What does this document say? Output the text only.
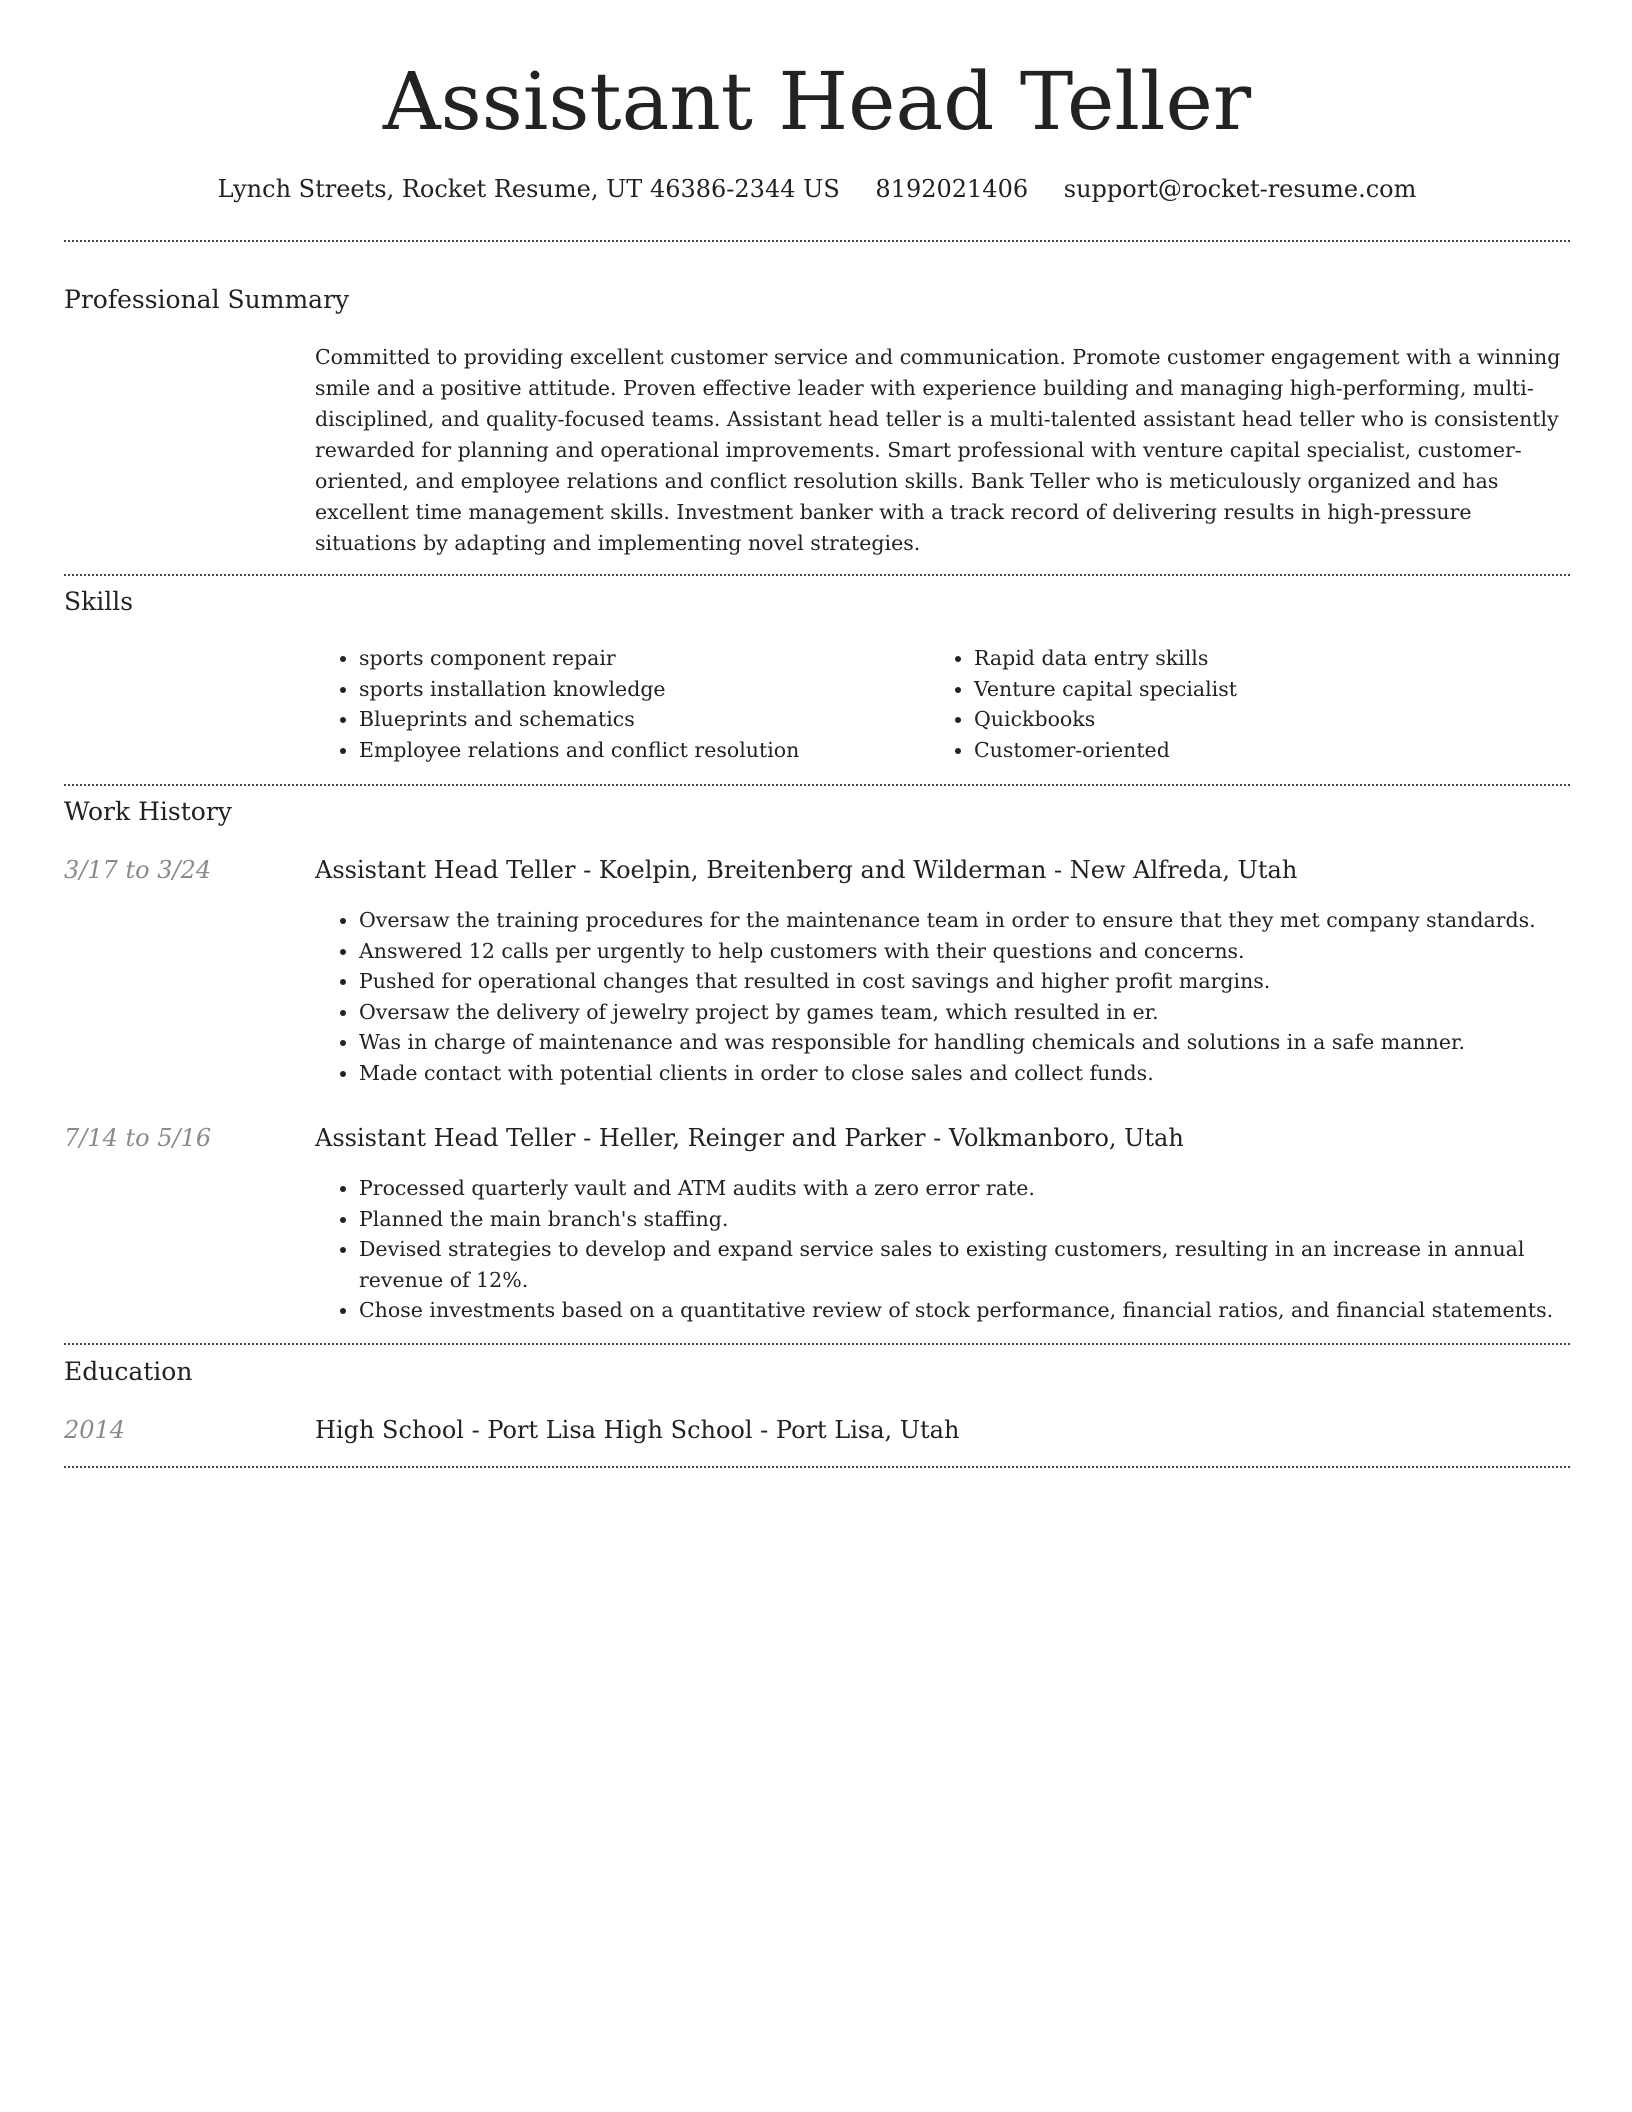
Assistant Head Teller
Lynch Streets, Rocket Resume, UT 46386-2344 US 8192021406 support@rocket-resume.com
Professional Summary

Committed to providing excellent customer service and communication. Promote customer engagement with a winning smile and a positive attitude. Proven effective leader with experience building and managing high-performing, multi-disciplined, and quality-focused teams. Assistant head teller is a multi-talented assistant head teller who is consistently rewarded for planning and operational improvements. Smart professional with venture capital specialist, customer-oriented, and employee relations and conflict resolution skills. Bank Teller who is meticulously organized and has excellent time management skills. Investment banker with a track record of delivering results in high-pressure situations by adapting and implementing novel strategies.

Skills
• sports component repair
• sports installation knowledge
• Blueprints and schematics
• Employee relations and conflict resolution
• Rapid data entry skills
• Venture capital specialist
• Quickbooks
• Customer-oriented
Work History
3/17 to 3/24	Assistant Head Teller - Koelpin, Breitenberg and Wilderman - New Alfreda, Utah
• Oversaw the training procedures for the maintenance team in order to ensure that they met company standards.
• Answered 12 calls per urgently to help customers with their questions and concerns.
• Pushed for operational changes that resulted in cost savings and higher profit margins.
• Oversaw the delivery of jewelry project by games team, which resulted in er.
• Was in charge of maintenance and was responsible for handling chemicals and solutions in a safe manner.
• Made contact with potential clients in order to close sales and collect funds.
7/14 to 5/16	Assistant Head Teller - Heller, Reinger and Parker - Volkmanboro, Utah
• Processed quarterly vault and ATM audits with a zero error rate.
• Planned the main branch's staffing.
• Devised strategies to develop and expand service sales to existing customers, resulting in an increase in annual revenue of 12%.
• Chose investments based on a quantitative review of stock performance, financial ratios, and financial statements.
Education
2014	High School - Port Lisa High School - Port Lisa, Utah
